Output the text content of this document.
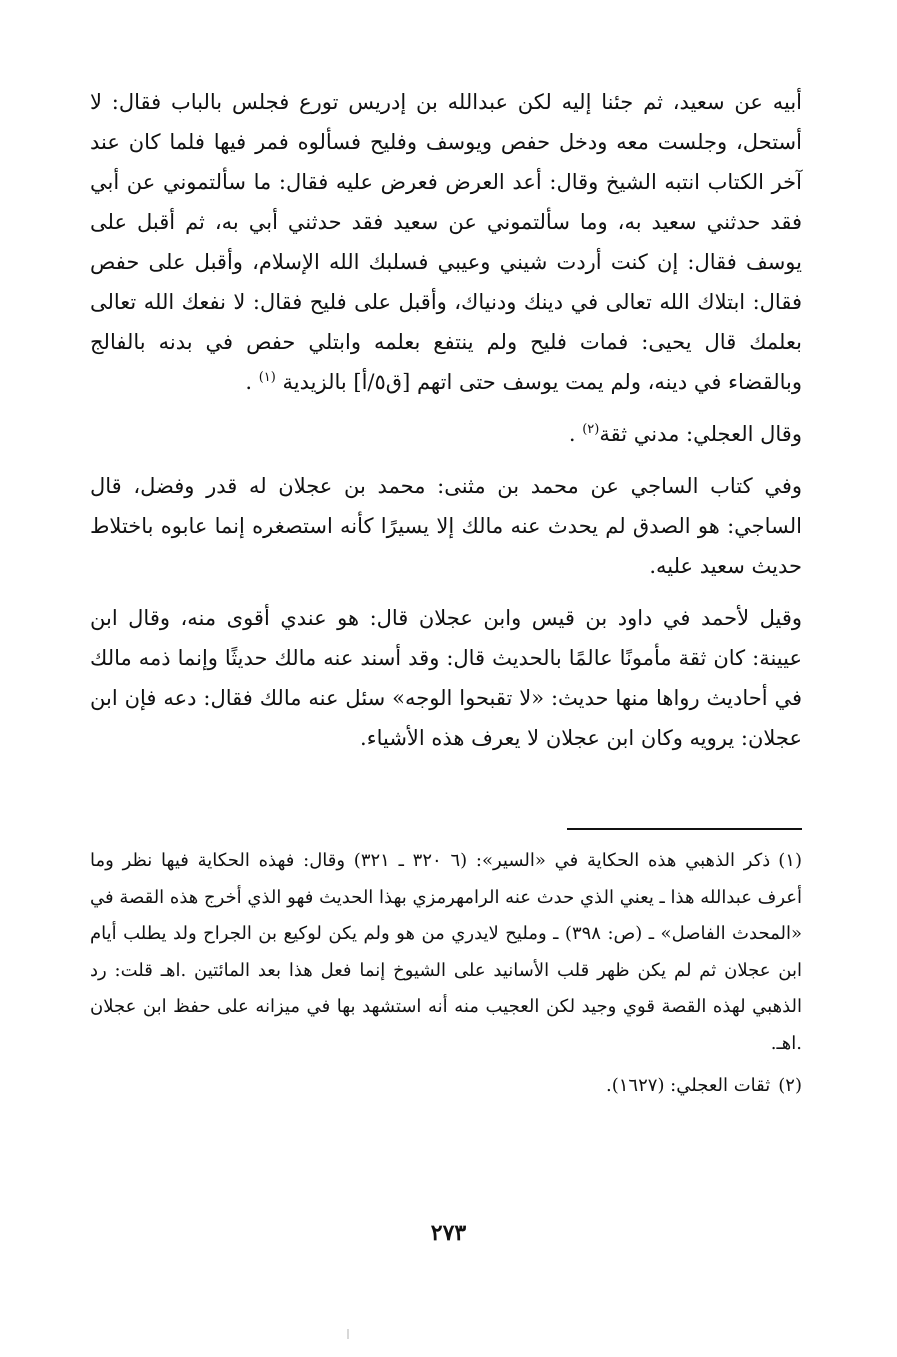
أبيه عن سعيد، ثم جئنا إليه لكن عبدالله بن إدريس تورع فجلس بالباب فقال: لا أستحل، وجلست معه ودخل حفص ويوسف وفليح فسألوه فمر فيها فلما كان عند آخر الكتاب انتبه الشيخ وقال: أعد العرض فعرض عليه فقال: ما سألتموني عن أبي فقد حدثني سعيد به، وما سألتموني عن سعيد فقد حدثني أبي به، ثم أقبل على يوسف فقال: إن كنت أردت شيني وعيبي فسلبك الله الإسلام، وأقبل على حفص فقال: ابتلاك الله تعالى في دينك ودنياك، وأقبل على فليح فقال: لا نفعك الله تعالى بعلمك قال يحيى: فمات فليح ولم ينتفع بعلمه وابتلي حفص في بدنه بالفالج وبالقضاء في دينه، ولم يمت يوسف حتى اتهم [ق٥/أ] بالزيدية $^{(١)}$ .

وقال العجلي: مدني ثقة$^{(٢)}$ .

وفي كتاب الساجي عن محمد بن مثنى: محمد بن عجلان له قدر وفضل، قال الساجي: هو الصدق لم يحدث عنه مالك إلا يسيرًا كأنه استصغره إنما عابوه باختلاط حديث سعيد عليه.

وقيل لأحمد في داود بن قيس وابن عجلان قال: هو عندي أقوى منه، وقال ابن عيينة: كان ثقة مأمونًا عالمًا بالحديث قال: وقد أسند عنه مالك حديثًا وإنما ذمه مالك في أحاديث رواها منها حديث: «لا تقبحوا الوجه» سئل عنه مالك فقال: دعه فإن ابن عجلان: يرويه وكان ابن عجلان لا يعرف هذه الأشياء.

(١)ذكر الذهبي هذه الحكاية في «السير»: (٦ ٣٢٠ ـ ٣٢١) وقال: فهذه الحكاية فيها نظر وما أعرف عبدالله هذا ـ يعني الذي حدث عنه الرامهرمزي بهذا الحديث فهو الذي أخرج هذه القصة في «المحدث الفاصل» ـ (ص: ٣٩٨) ـ ومليح لايدري من هو ولم يكن لوكيع بن الجراح ولد يطلب أيام ابن عجلان ثم لم يكن ظهر قلب الأسانيد على الشيوخ إنما فعل هذا بعد المائتين .اهـ قلت: رد الذهبي لهذه القصة قوي وجيد لكن العجيب منه أنه استشهد بها في ميزانه على حفظ ابن عجلان .اهـ.

(٢)ثقات العجلي: (١٦٢٧).

٢٧٣
